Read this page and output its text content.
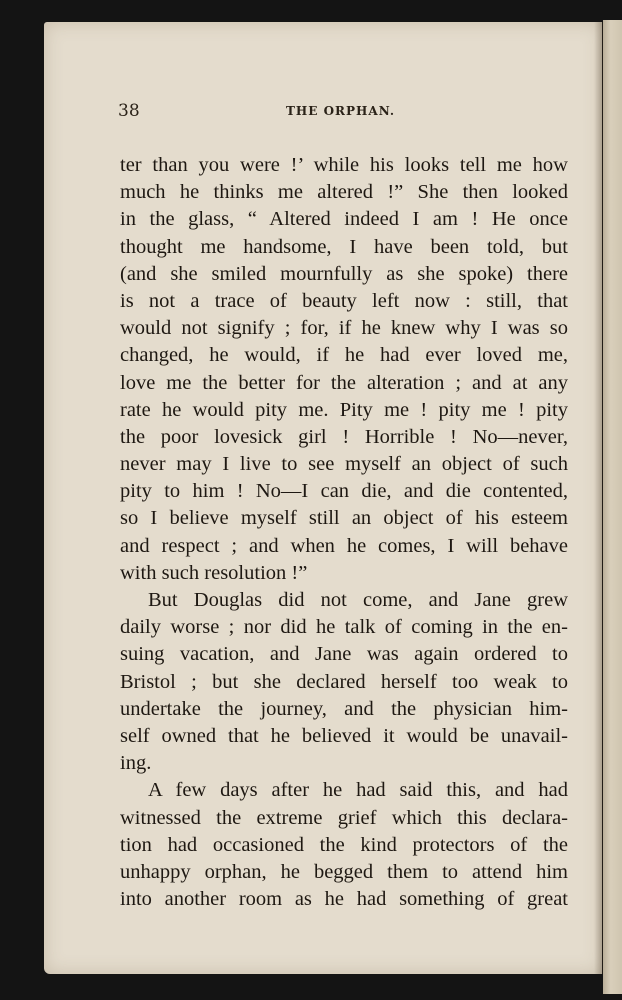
38	THE ORPHAN.
ter than you were !’ while his looks tell me how
much he thinks me altered !” She then looked
in the glass, “ Altered indeed I am ! He once
thought me handsome, I have been told, but
(and she smiled mournfully as she spoke) there
is not a trace of beauty left now : still, that
would not signify ; for, if he knew why I was so
changed, he would, if he had ever loved me,
love me the better for the alteration ; and at any
rate he would pity me. Pity me ! pity me ! pity
the poor lovesick girl ! Horrible ! No—never,
never may I live to see myself an object of such
pity to him ! No—I can die, and die contented,
so I believe myself still an object of his esteem
and respect ; and when he comes, I will behave
with such resolution !”
But Douglas did not come, and Jane grew
daily worse ; nor did he talk of coming in the en-
suing vacation, and Jane was again ordered to
Bristol ; but she declared herself too weak to
undertake the journey, and the physician him-
self owned that he believed it would be unavail-
ing.
A few days after he had said this, and had
witnessed the extreme grief which this declara-
tion had occasioned the kind protectors of the
unhappy orphan, he begged them to attend him
into another room as he had something of great
